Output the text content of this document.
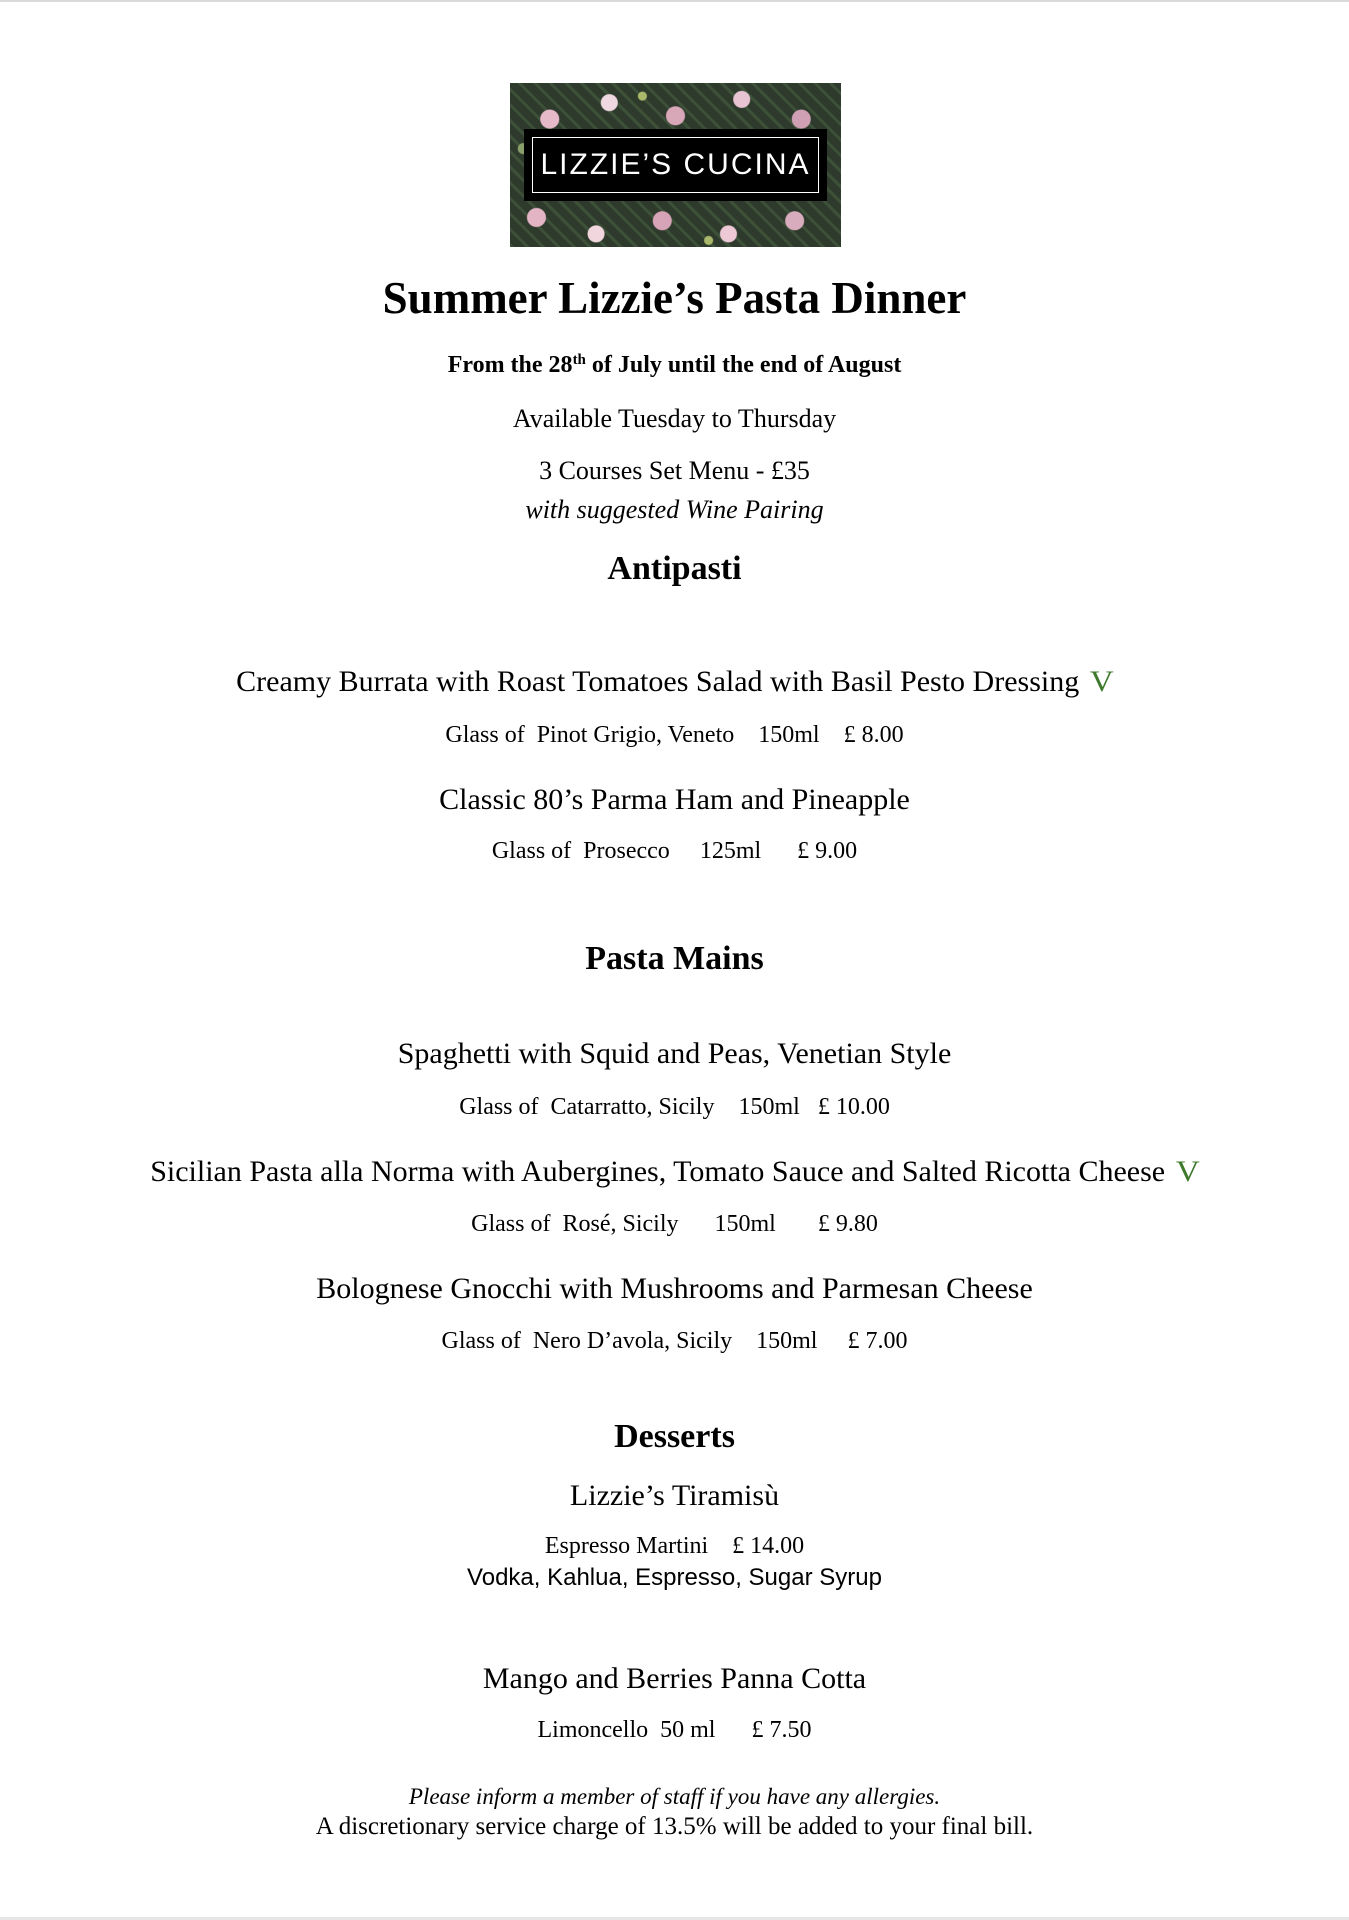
LIZZIE’S CUCINA
Summer Lizzie’s Pasta Dinner
From the 28th of July until the end of August
Available Tuesday to Thursday
3 Courses Set Menu - £35
with suggested Wine Pairing
Antipasti
Creamy Burrata with Roast Tomatoes Salad with Basil Pesto Dressing V
Glass of  Pinot Grigio, Veneto 150ml £ 8.00
Classic 80’s Parma Ham and Pineapple
Glass of  Prosecco 125ml £ 9.00
Pasta Mains
Spaghetti with Squid and Peas, Venetian Style
Glass of  Catarratto, Sicily 150ml £ 10.00
Sicilian Pasta alla Norma with Aubergines, Tomato Sauce and Salted Ricotta Cheese V
Glass of  Rosé, Sicily 150ml £ 9.80
Bolognese Gnocchi with Mushrooms and Parmesan Cheese
Glass of  Nero D’avola, Sicily 150ml £ 7.00
Desserts
Lizzie’s Tiramisù
Espresso Martini £ 14.00
Vodka, Kahlua, Espresso, Sugar Syrup
Mango and Berries Panna Cotta
Limoncello  50 ml £ 7.50
Please inform a member of staff if you have any allergies.
A discretionary service charge of 13.5% will be added to your final bill.
